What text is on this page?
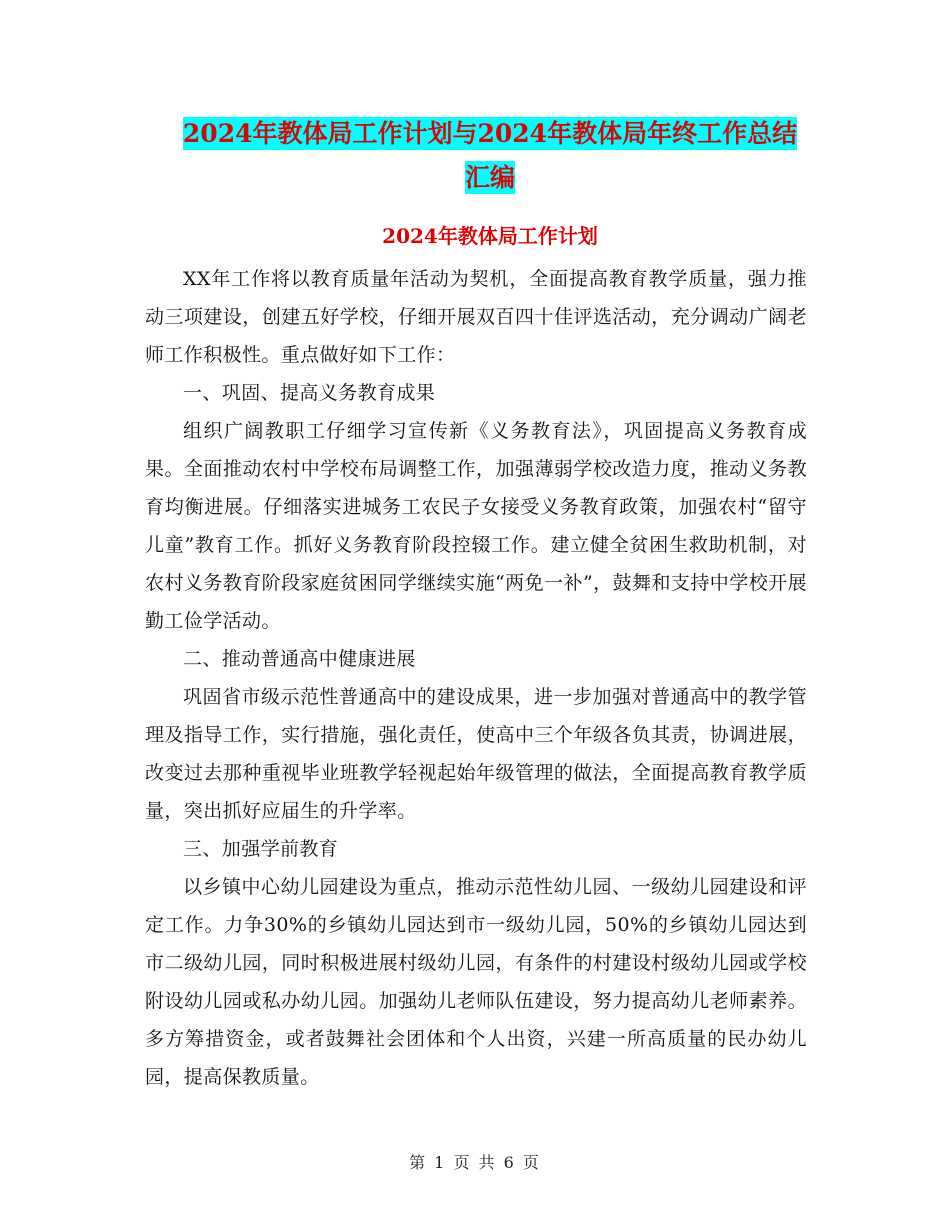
2024年教体局工作计划与2024年教体局年终工作总结
汇编
2024年教体局工作计划

XX年工作将以教育质量年活动为契机，全面提高教育教学质量，强力推动三项建设，创建五好学校，仔细开展双百四十佳评选活动，充分调动广阔老师工作积极性。重点做好如下工作：

一、巩固、提高义务教育成果

组织广阔教职工仔细学习宣传新《义务教育法》，巩固提高义务教育成果。全面推动农村中学校布局调整工作，加强薄弱学校改造力度，推动义务教育均衡进展。仔细落实进城务工农民子女接受义务教育政策，加强农村“留守儿童”教育工作。抓好义务教育阶段控辍工作。建立健全贫困生救助机制，对农村义务教育阶段家庭贫困同学继续实施“两免一补”，鼓舞和支持中学校开展勤工俭学活动。

二、推动普通高中健康进展

巩固省市级示范性普通高中的建设成果，进一步加强对普通高中的教学管理及指导工作，实行措施，强化责任，使高中三个年级各负其责，协调进展，改变过去那种重视毕业班教学轻视起始年级管理的做法，全面提高教育教学质量，突出抓好应届生的升学率。

三、加强学前教育

以乡镇中心幼儿园建设为重点，推动示范性幼儿园、一级幼儿园建设和评定工作。力争30%的乡镇幼儿园达到市一级幼儿园，50%的乡镇幼儿园达到市二级幼儿园，同时积极进展村级幼儿园，有条件的村建设村级幼儿园或学校附设幼儿园或私办幼儿园。加强幼儿老师队伍建设，努力提高幼儿老师素养。多方筹措资金，或者鼓舞社会团体和个人出资，兴建一所高质量的民办幼儿园，提高保教质量。

第 1 页 共 6 页
